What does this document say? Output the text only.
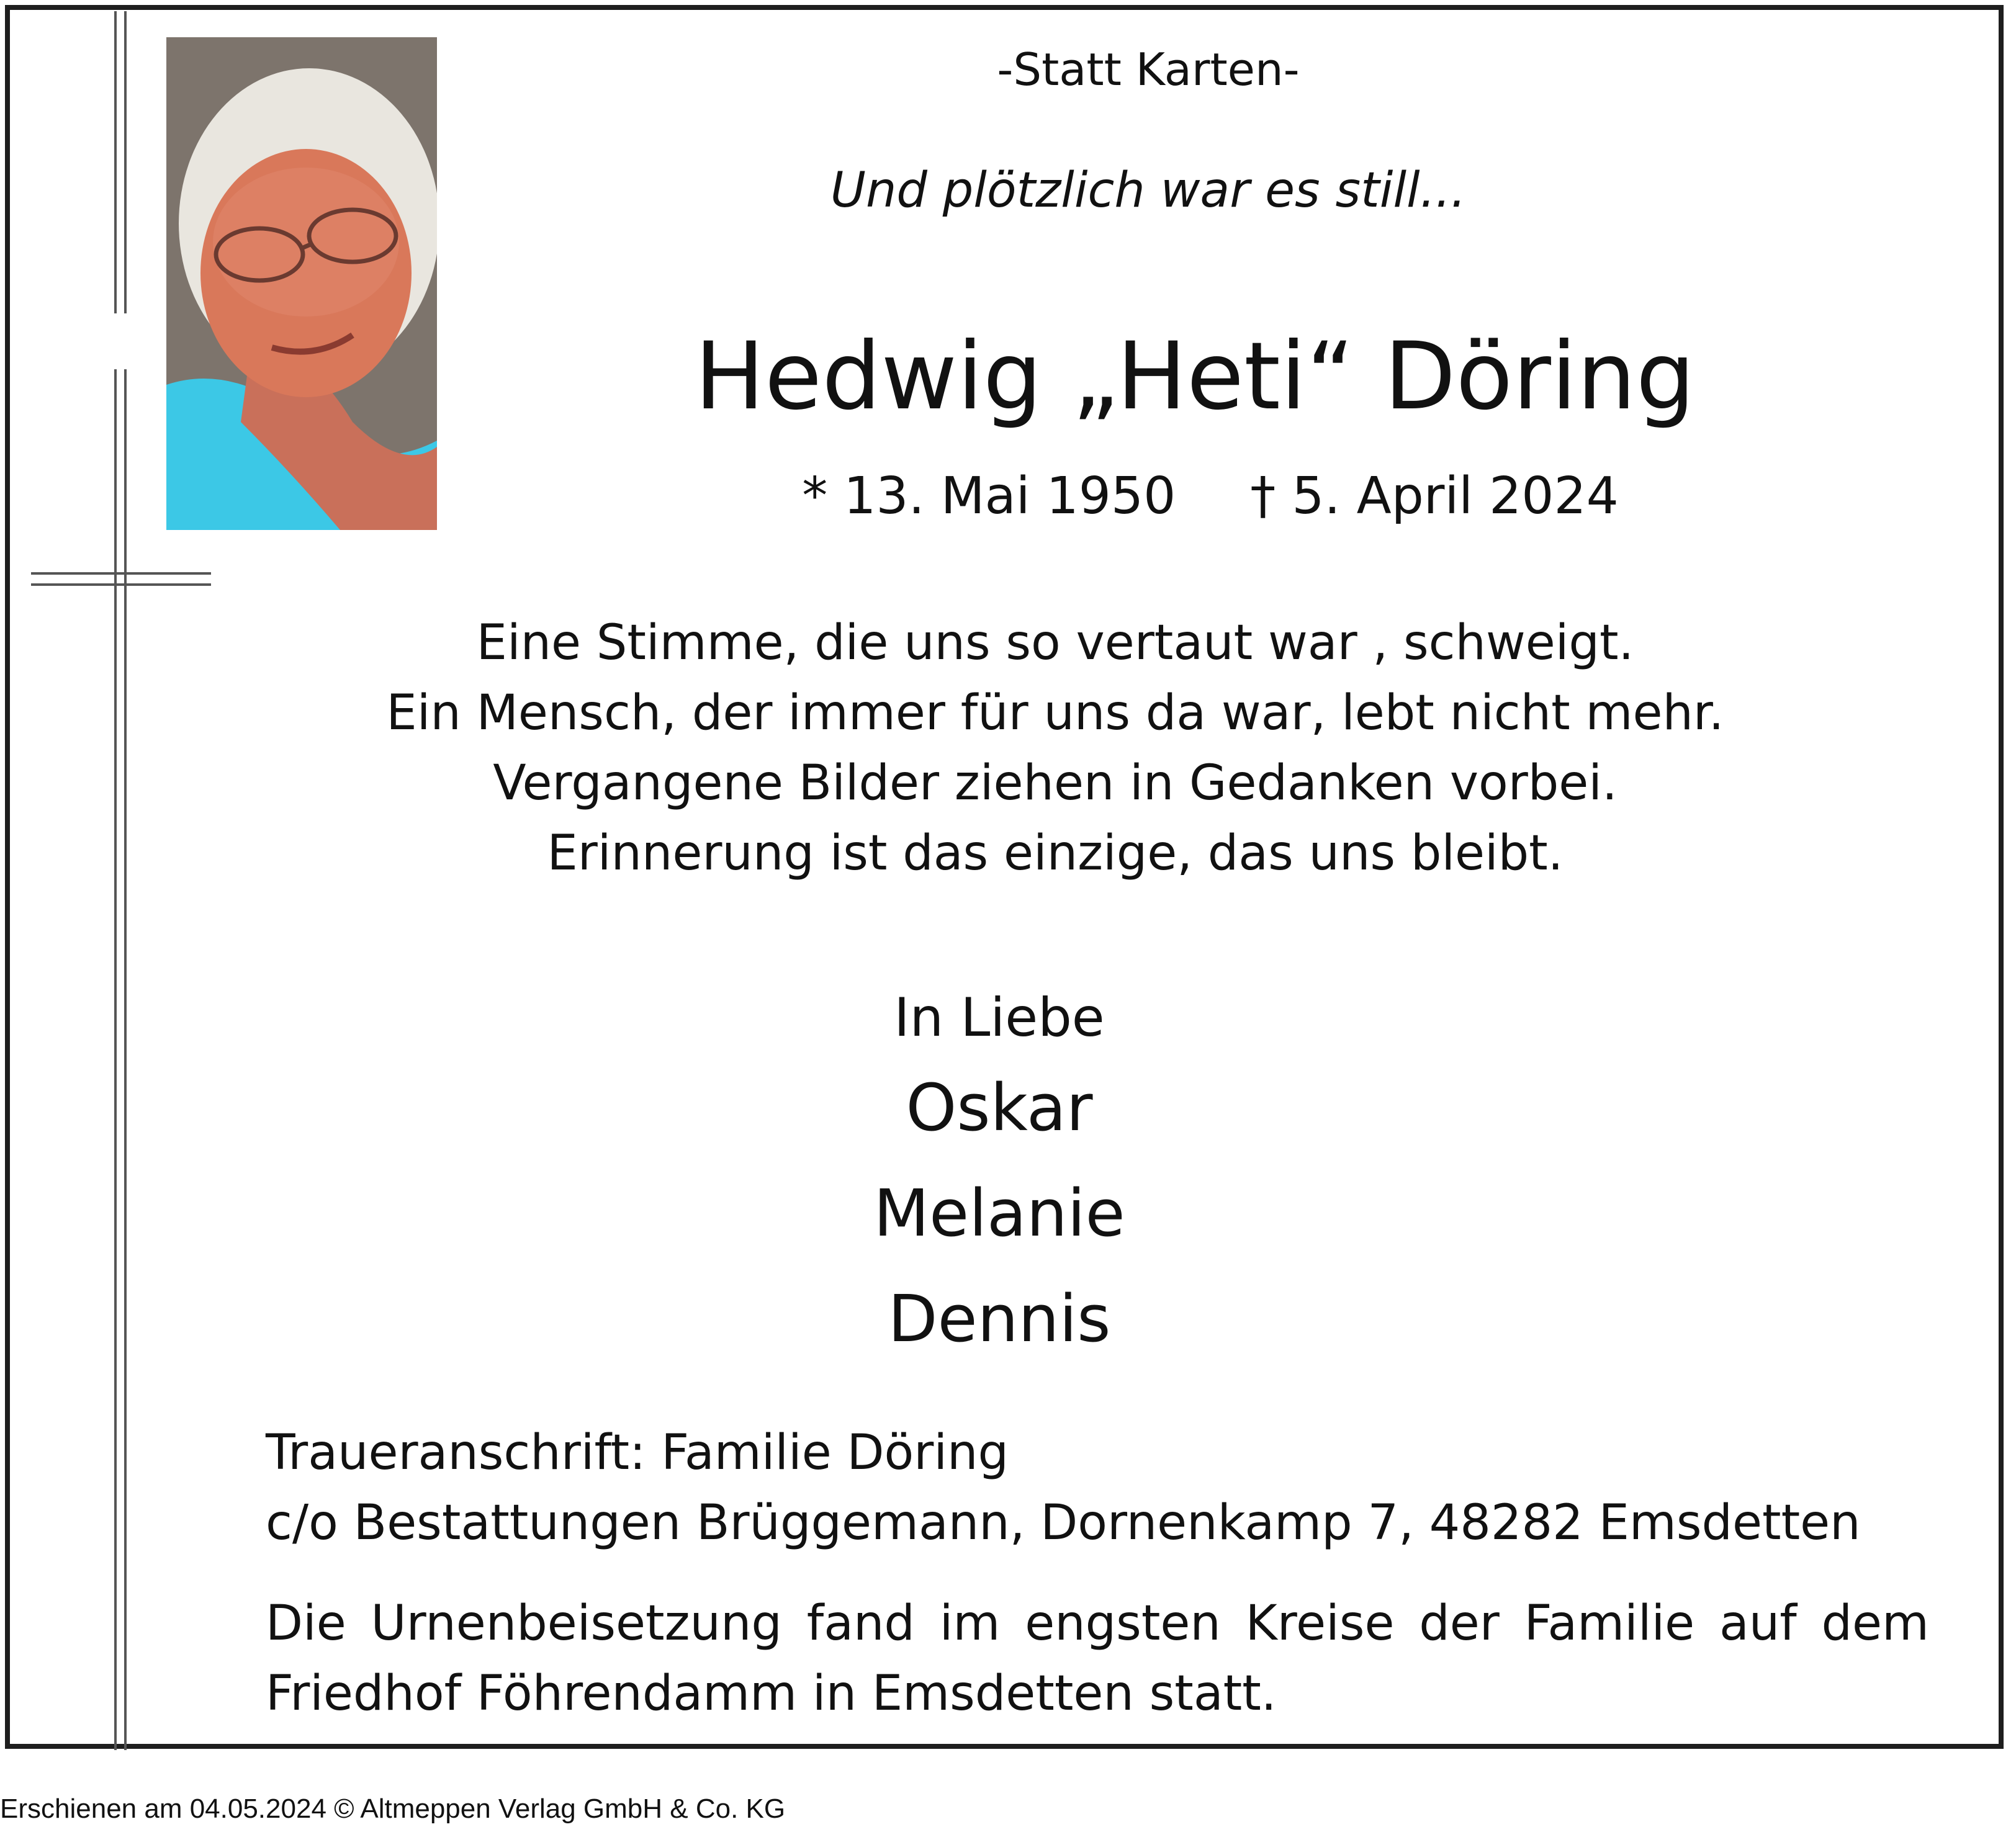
-Statt Karten-
Und plötzlich war es still...
Hedwig „Heti“ Döring
* 13. Mai 1950 † 5. April 2024
Eine Stimme, die uns so vertaut war , schweigt.
Ein Mensch, der immer für uns da war, lebt nicht mehr.
Vergangene Bilder ziehen in Gedanken vorbei.
Erinnerung ist das einzige, das uns bleibt.
In Liebe
Oskar
Melanie
Dennis
Traueranschrift: Familie Döring
c/o Bestattungen Brüggemann, Dornenkamp 7, 48282 Emsdetten
Die Urnenbeisetzung fand im engsten Kreise der Familie auf dem Friedhof Föhrendamm in Emsdetten statt.
Erschienen am 04.05.2024 © Altmeppen Verlag GmbH & Co. KG
